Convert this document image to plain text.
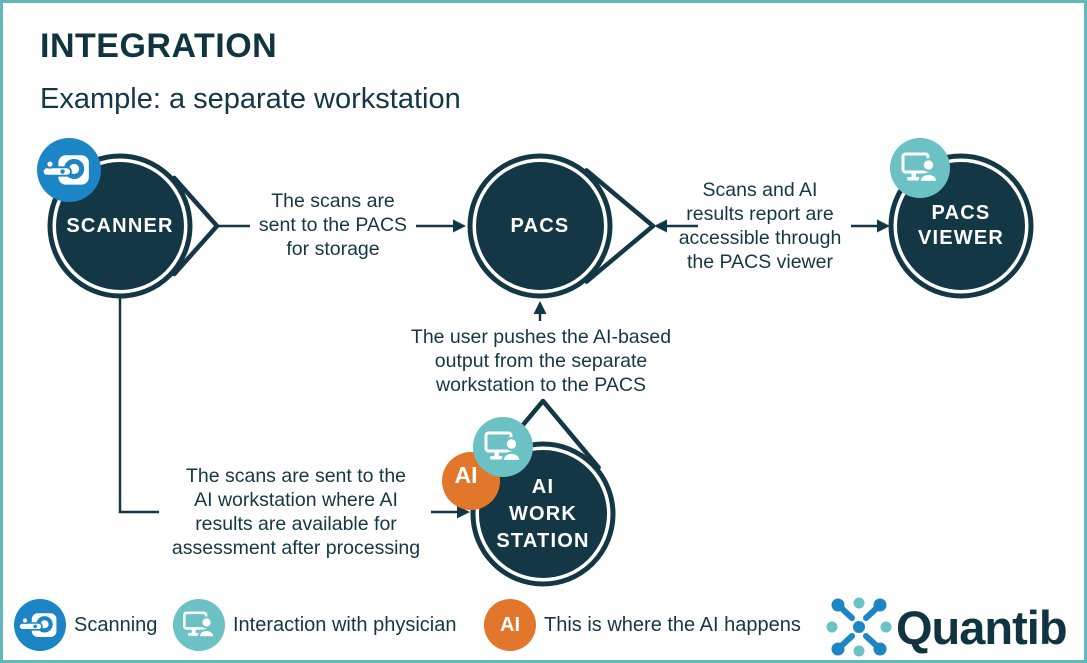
INTEGRATION
Example: a separate workstation
SCANNER	PACS
PACS
VIEWER
AI
WORK
STATION
AI
AI
The scans are
sent to the PACS
for storage
Scans and AI
results report are
accessible through
the PACS viewer
The user pushes the AI-based
output from the separate
workstation to the PACS
The scans are sent to the
AI workstation where AI
results are available for
assessment after processing
Scanning	Interaction with physician	This is where the AI happens Quantib
